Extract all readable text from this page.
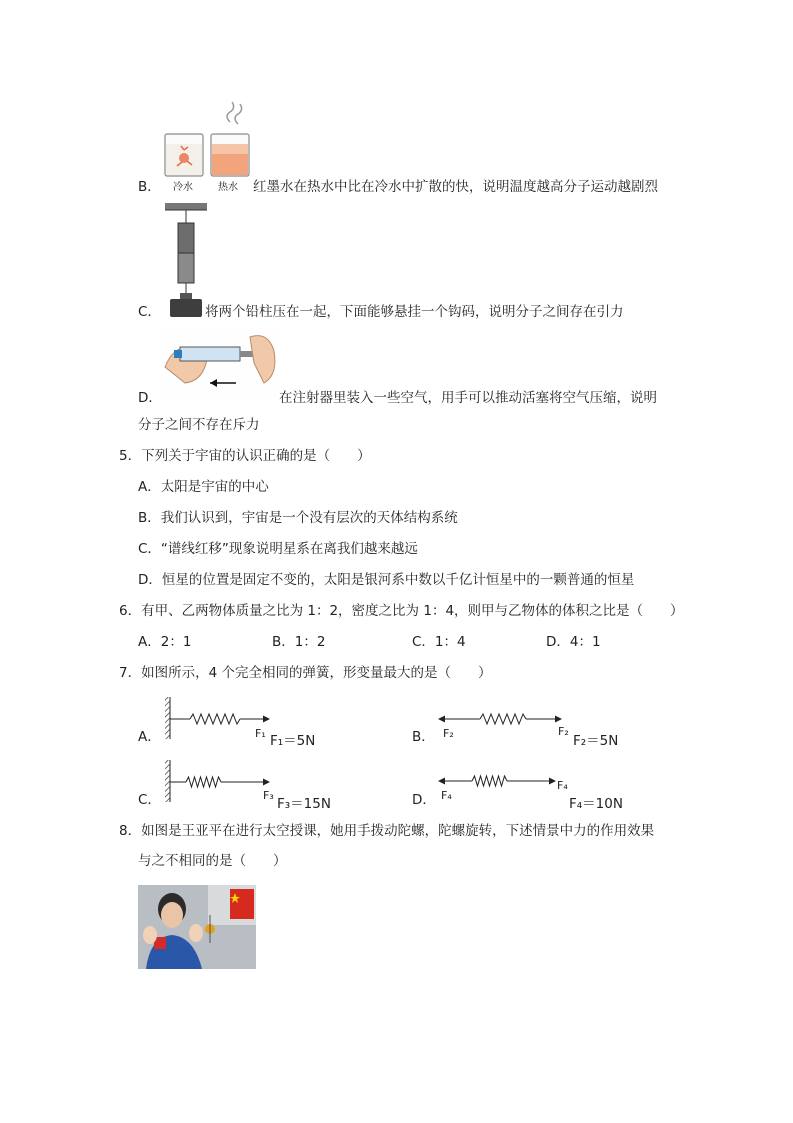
冷水	热水
B．	红墨水在热水中比在冷水中扩散的快，说明温度越高分子运动越剧烈
C．	将两个铅柱压在一起，下面能够悬挂一个钩码，说明分子之间存在引力
D．	在注射器里装入一些空气，用手可以推动活塞将空气压缩，说明
分子之间不存在斥力
5．下列关于宇宙的认识正确的是（　　）
A．太阳是宇宙的中心
B．我们认识到，宇宙是一个没有层次的天体结构系统
C．“谱线红移”现象说明星系在离我们越来越远
D．恒星的位置是固定不变的，太阳是银河系中数以千亿计恒星中的一颗普通的恒星
6．有甲、乙两物体质量之比为 1：2，密度之比为 1：4，则甲与乙物体的体积之比是（　　）
A．2：1	B．1：2	C．1：4	D．4：1
7．如图所示，4 个完全相同的弹簧，形变量最大的是（　　）
A．	F₁ F₁＝5N	B． F₂	F₂
F₂＝5N
C．	F₃
F₃＝15N	D． F₄
F₄
F₄＝10N
8．如图是王亚平在进行太空授课，她用手拨动陀螺，陀螺旋转，下述情景中力的作用效果
与之不相同的是（　　）
